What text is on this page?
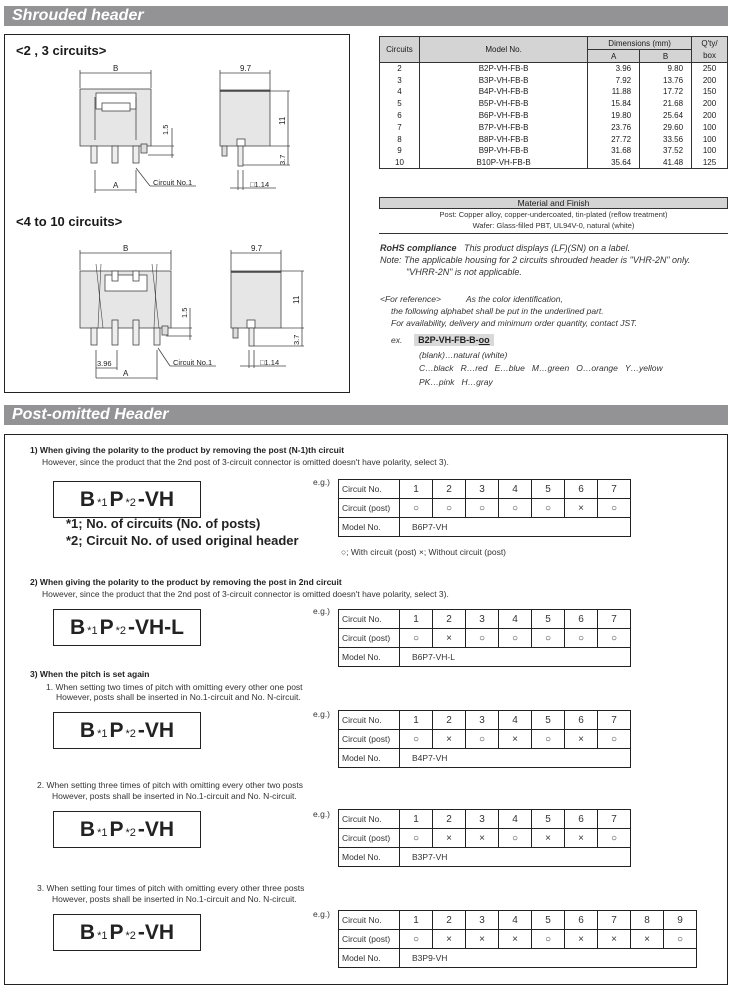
Shrouded header
<2 , 3 circuits>
<4 to 10 circuits>
B
A	Circuit No.1
1.5
9.7
11
3.7
□1.14
B
A
3.96	Circuit No.1
1.5
9.7
11
3.7
□1.14
Circuits	Model No.	Dimensions (mm)		Q'ty/
		A	B	box
2	B2P-VH-FB-B	3.96	9.80	250
3	B3P-VH-FB-B	7.92	13.76	200
4	B4P-VH-FB-B	11.88	17.72	150
5	B5P-VH-FB-B	15.84	21.68	200
6	B6P-VH-FB-B	19.80	25.64	200
7	B7P-VH-FB-B	23.76	29.60	100
8	B8P-VH-FB-B	27.72	33.56	100
9	B9P-VH-FB-B	31.68	37.52	100
10	B10P-VH-FB-B	35.64	41.48	125
Material and Finish
Post: Copper alloy, copper-undercoated, tin-plated (reflow treatment)
Wafer: Glass-filled PBT, UL94V-0, natural (white)
RoHS compliance This product displays (LF)(SN) on a label.
Note: The applicable housing for 2 circuits shrouded header is "VHR-2N" only.
"VHRR-2N" is not applicable.
<For reference>	As the color identification,
the following alphabet shall be put in the underlined part.
For availability, delivery and minimum order quantity, contact JST.
ex. B2P-VH-FB-B-oo
(blank)…natural (white)
C…black   R…red   E…blue   M…green   O…orange   Y…yellow
PK…pink   H…gray
Post-omitted Header
1) When giving the polarity to the product by removing the post (N-1)th circuit
However, since the product that the 2nd post of 3-circuit connector is omitted doesn't have polarity, select 3).
B *1P *2-VH
e.g.)
Circuit No.	1	2	3	4	5	6	7
Circuit (post)	○	○	○	○	○	×	○
Model No.	B6P7-VH						
2) When giving the polarity to the product by removing the post in 2nd circuit
However, since the product that the 2nd post of 3-circuit connector is omitted doesn't have polarity, select 3).
B *1P *2-VH-L
e.g.)
Circuit No.	1	2	3	4	5	6	7
Circuit (post)	○	×	○	○	○	○	○
Model No.	B6P7-VH-L						
3) When the pitch is set again
1. When setting two times of pitch with omitting every other one post
However, posts shall be inserted in No.1-circuit and No. N-circuit.
B *1P *2-VH
e.g.)
Circuit No.	1	2	3	4	5	6	7
Circuit (post)	○	×	○	×	○	×	○
Model No.	B4P7-VH						
2. When setting three times of pitch with omitting every other two posts
However, posts shall be inserted in No.1-circuit and No. N-circuit.
B *1P *2-VH
e.g.) Circuit No.	1	2	3	4	5	6	7
Circuit (post)	○	×	×	○	×	×	○
Model No.	B3P7-VH						
3. When setting four times of pitch with omitting every other three posts
However, posts shall be inserted in No.1-circuit and No. N-circuit.
B *1P *2-VH
e.g.)
Circuit No.	1	2	3	4	5	6	7	8	9
Circuit (post)	○	×	×	×	○	×	×	×	○
Model No.	B3P9-VH								
*1; No. of circuits (No. of posts)
*2; Circuit No. of used original header
○; With circuit (post) ×; Without circuit (post)
